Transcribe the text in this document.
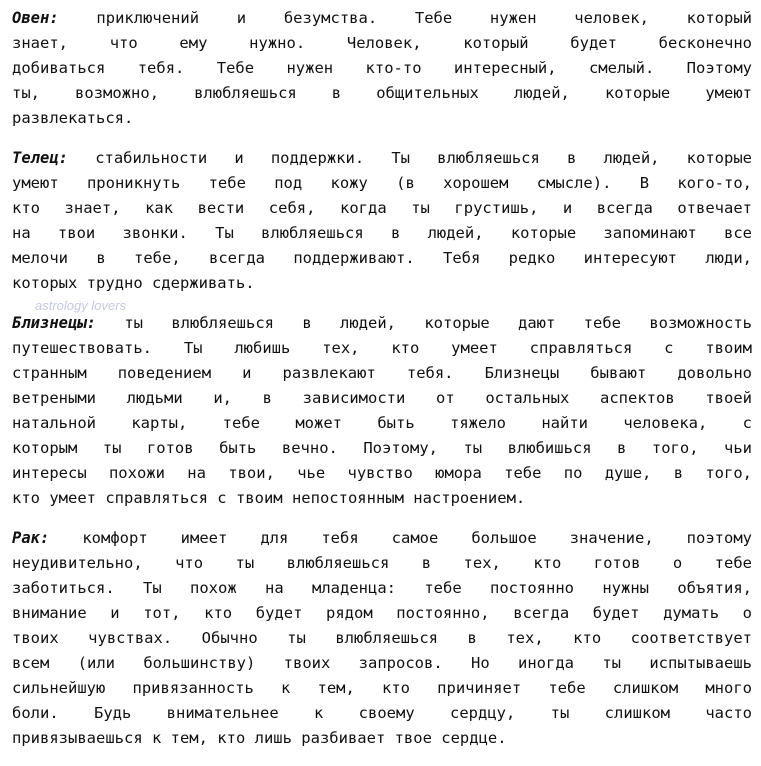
Овен: приключений и безумства. Тебе нужен человек, который
знает, что ему нужно. Человек, который будет бесконечно
добиваться тебя. Тебе нужен кто-то интересный, смелый. Поэтому
ты, возможно, влюбляешься в общительных людей, которые умеют
развлекаться.
Телец: стабильности и поддержки. Ты влюбляешься в людей, которые
умеют проникнуть тебе под кожу (в хорошем смысле). В кого-то,
кто знает, как вести себя, когда ты грустишь, и всегда отвечает
на твои звонки. Ты влюбляешься в людей, которые запоминают все
мелочи в тебе, всегда поддерживают. Тебя редко интересуют люди,
которых трудно сдерживать.
Близнецы: ты влюбляешься в людей, которые дают тебе возможность
путешествовать. Ты любишь тех, кто умеет справляться с твоим
странным поведением и развлекают тебя. Близнецы бывают довольно
ветреными людьми и, в зависимости от остальных аспектов твоей
натальной карты, тебе может быть тяжело найти человека, с
которым ты готов быть вечно. Поэтому, ты влюбишься в того, чьи
интересы похожи на твои, чье чувство юмора тебе по душе, в того,
кто умеет справляться с твоим непостоянным настроением.
Рак: комфорт имеет для тебя самое большое значение, поэтому
неудивительно, что ты влюбляешься в тех, кто готов о тебе
заботиться. Ты похож на младенца: тебе постоянно нужны объятия,
внимание и тот, кто будет рядом постоянно, всегда будет думать о
твоих чувствах. Обычно ты влюбляешься в тех, кто соответствует
всем (или большинству) твоих запросов. Но иногда ты испытываешь
сильнейшую привязанность к тем, кто причиняет тебе слишком много
боли. Будь внимательнее к своему сердцу, ты слишком часто
привязываешься к тем, кто лишь разбивает твое сердце.
astrology lovers
